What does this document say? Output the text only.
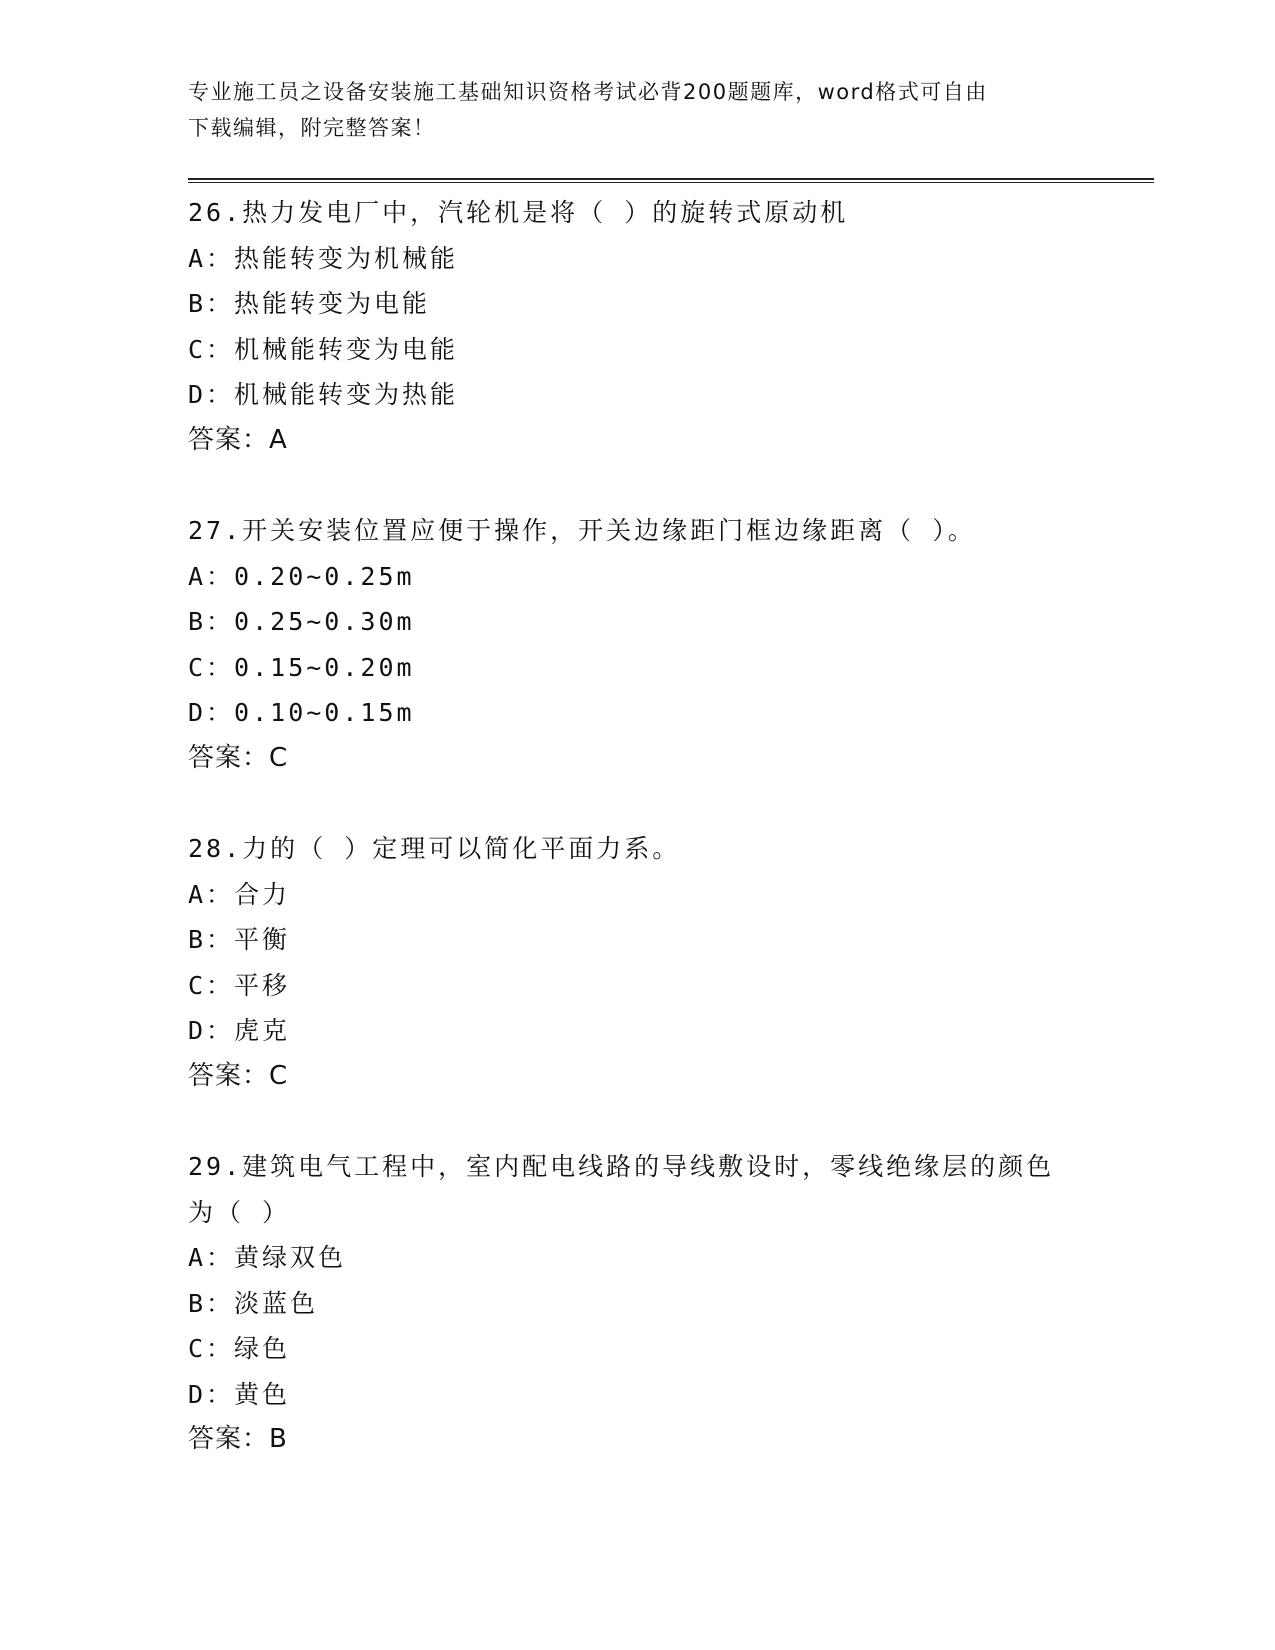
专业施工员之设备安装施工基础知识资格考试必背200题题库，word格式可自由
下载编辑，附完整答案！
26.热力发电厂中，汽轮机是将（ ）的旋转式原动机
A：热能转变为机械能
B：热能转变为电能
C：机械能转变为电能
D：机械能转变为热能
答案：A
27.开关安装位置应便于操作，开关边缘距门框边缘距离（ ）。
A：0.20~0.25m
B：0.25~0.30m
C：0.15~0.20m
D：0.10~0.15m
答案：C
28.力的（ ）定理可以简化平面力系。
A：合力
B：平衡
C：平移
D：虎克
答案：C
29.建筑电气工程中，室内配电线路的导线敷设时，零线绝缘层的颜色
为（ ）
A：黄绿双色
B：淡蓝色
C：绿色
D：黄色
答案：B
